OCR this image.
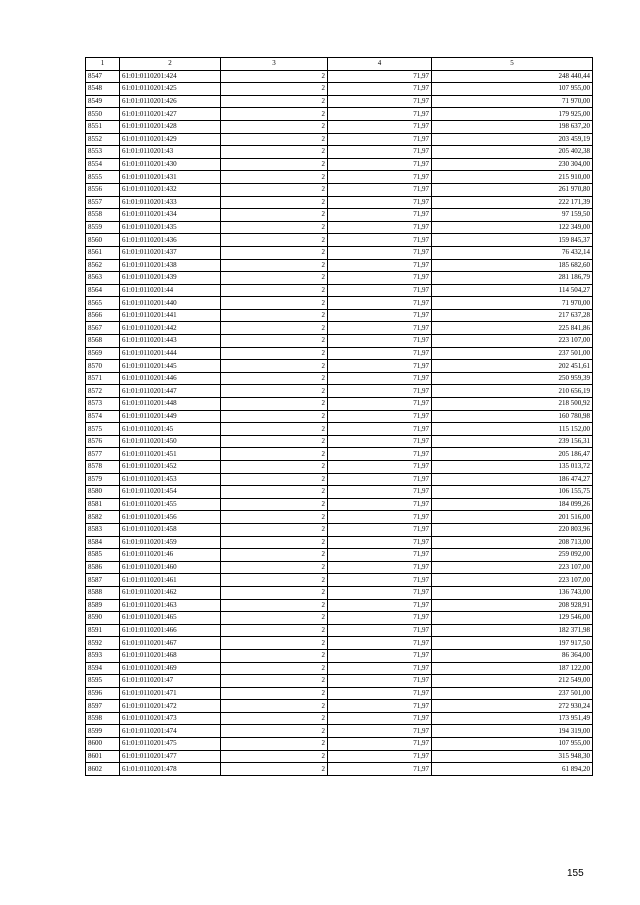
1	2	3	4	5
8547	61:01:0110201:424	2	71,97	248 440,44
8548	61:01:0110201:425	2	71,97	107 955,00
8549	61:01:0110201:426	2	71,97	71 970,00
8550	61:01:0110201:427	2	71,97	179 925,00
8551	61:01:0110201:428	2	71,97	198 637,20
8552	61:01:0110201:429	2	71,97	203 459,19
8553	61:01:0110201:43	2	71,97	205 402,38
8554	61:01:0110201:430	2	71,97	230 304,00
8555	61:01:0110201:431	2	71,97	215 910,00
8556	61:01:0110201:432	2	71,97	261 970,80
8557	61:01:0110201:433	2	71,97	222 171,39
8558	61:01:0110201:434	2	71,97	97 159,50
8559	61:01:0110201:435	2	71,97	122 349,00
8560	61:01:0110201:436	2	71,97	159 845,37
8561	61:01:0110201:437	2	71,97	76 432,14
8562	61:01:0110201:438	2	71,97	185 682,60
8563	61:01:0110201:439	2	71,97	281 186,79
8564	61:01:0110201:44	2	71,97	114 504,27
8565	61:01:0110201:440	2	71,97	71 970,00
8566	61:01:0110201:441	2	71,97	217 637,28
8567	61:01:0110201:442	2	71,97	225 841,86
8568	61:01:0110201:443	2	71,97	223 107,00
8569	61:01:0110201:444	2	71,97	237 501,00
8570	61:01:0110201:445	2	71,97	202 451,61
8571	61:01:0110201:446	2	71,97	250 959,39
8572	61:01:0110201:447	2	71,97	210 656,19
8573	61:01:0110201:448	2	71,97	218 500,92
8574	61:01:0110201:449	2	71,97	160 780,98
8575	61:01:0110201:45	2	71,97	115 152,00
8576	61:01:0110201:450	2	71,97	239 156,31
8577	61:01:0110201:451	2	71,97	205 186,47
8578	61:01:0110201:452	2	71,97	135 013,72
8579	61:01:0110201:453	2	71,97	186 474,27
8580	61:01:0110201:454	2	71,97	106 155,75
8581	61:01:0110201:455	2	71,97	184 099,26
8582	61:01:0110201:456	2	71,97	201 516,00
8583	61:01:0110201:458	2	71,97	220 803,96
8584	61:01:0110201:459	2	71,97	208 713,00
8585	61:01:0110201:46	2	71,97	259 092,00
8586	61:01:0110201:460	2	71,97	223 107,00
8587	61:01:0110201:461	2	71,97	223 107,00
8588	61:01:0110201:462	2	71,97	136 743,00
8589	61:01:0110201:463	2	71,97	208 928,91
8590	61:01:0110201:465	2	71,97	129 546,00
8591	61:01:0110201:466	2	71,97	182 371,98
8592	61:01:0110201:467	2	71,97	197 917,50
8593	61:01:0110201:468	2	71,97	86 364,00
8594	61:01:0110201:469	2	71,97	187 122,00
8595	61:01:0110201:47	2	71,97	212 549,00
8596	61:01:0110201:471	2	71,97	237 501,00
8597	61:01:0110201:472	2	71,97	272 930,24
8598	61:01:0110201:473	2	71,97	173 951,49
8599	61:01:0110201:474	2	71,97	194 319,00
8600	61:01:0110201:475	2	71,97	107 955,00
8601	61:01:0110201:477	2	71,97	315 948,30
8602	61:01:0110201:478	2	71,97	61 894,20
155
